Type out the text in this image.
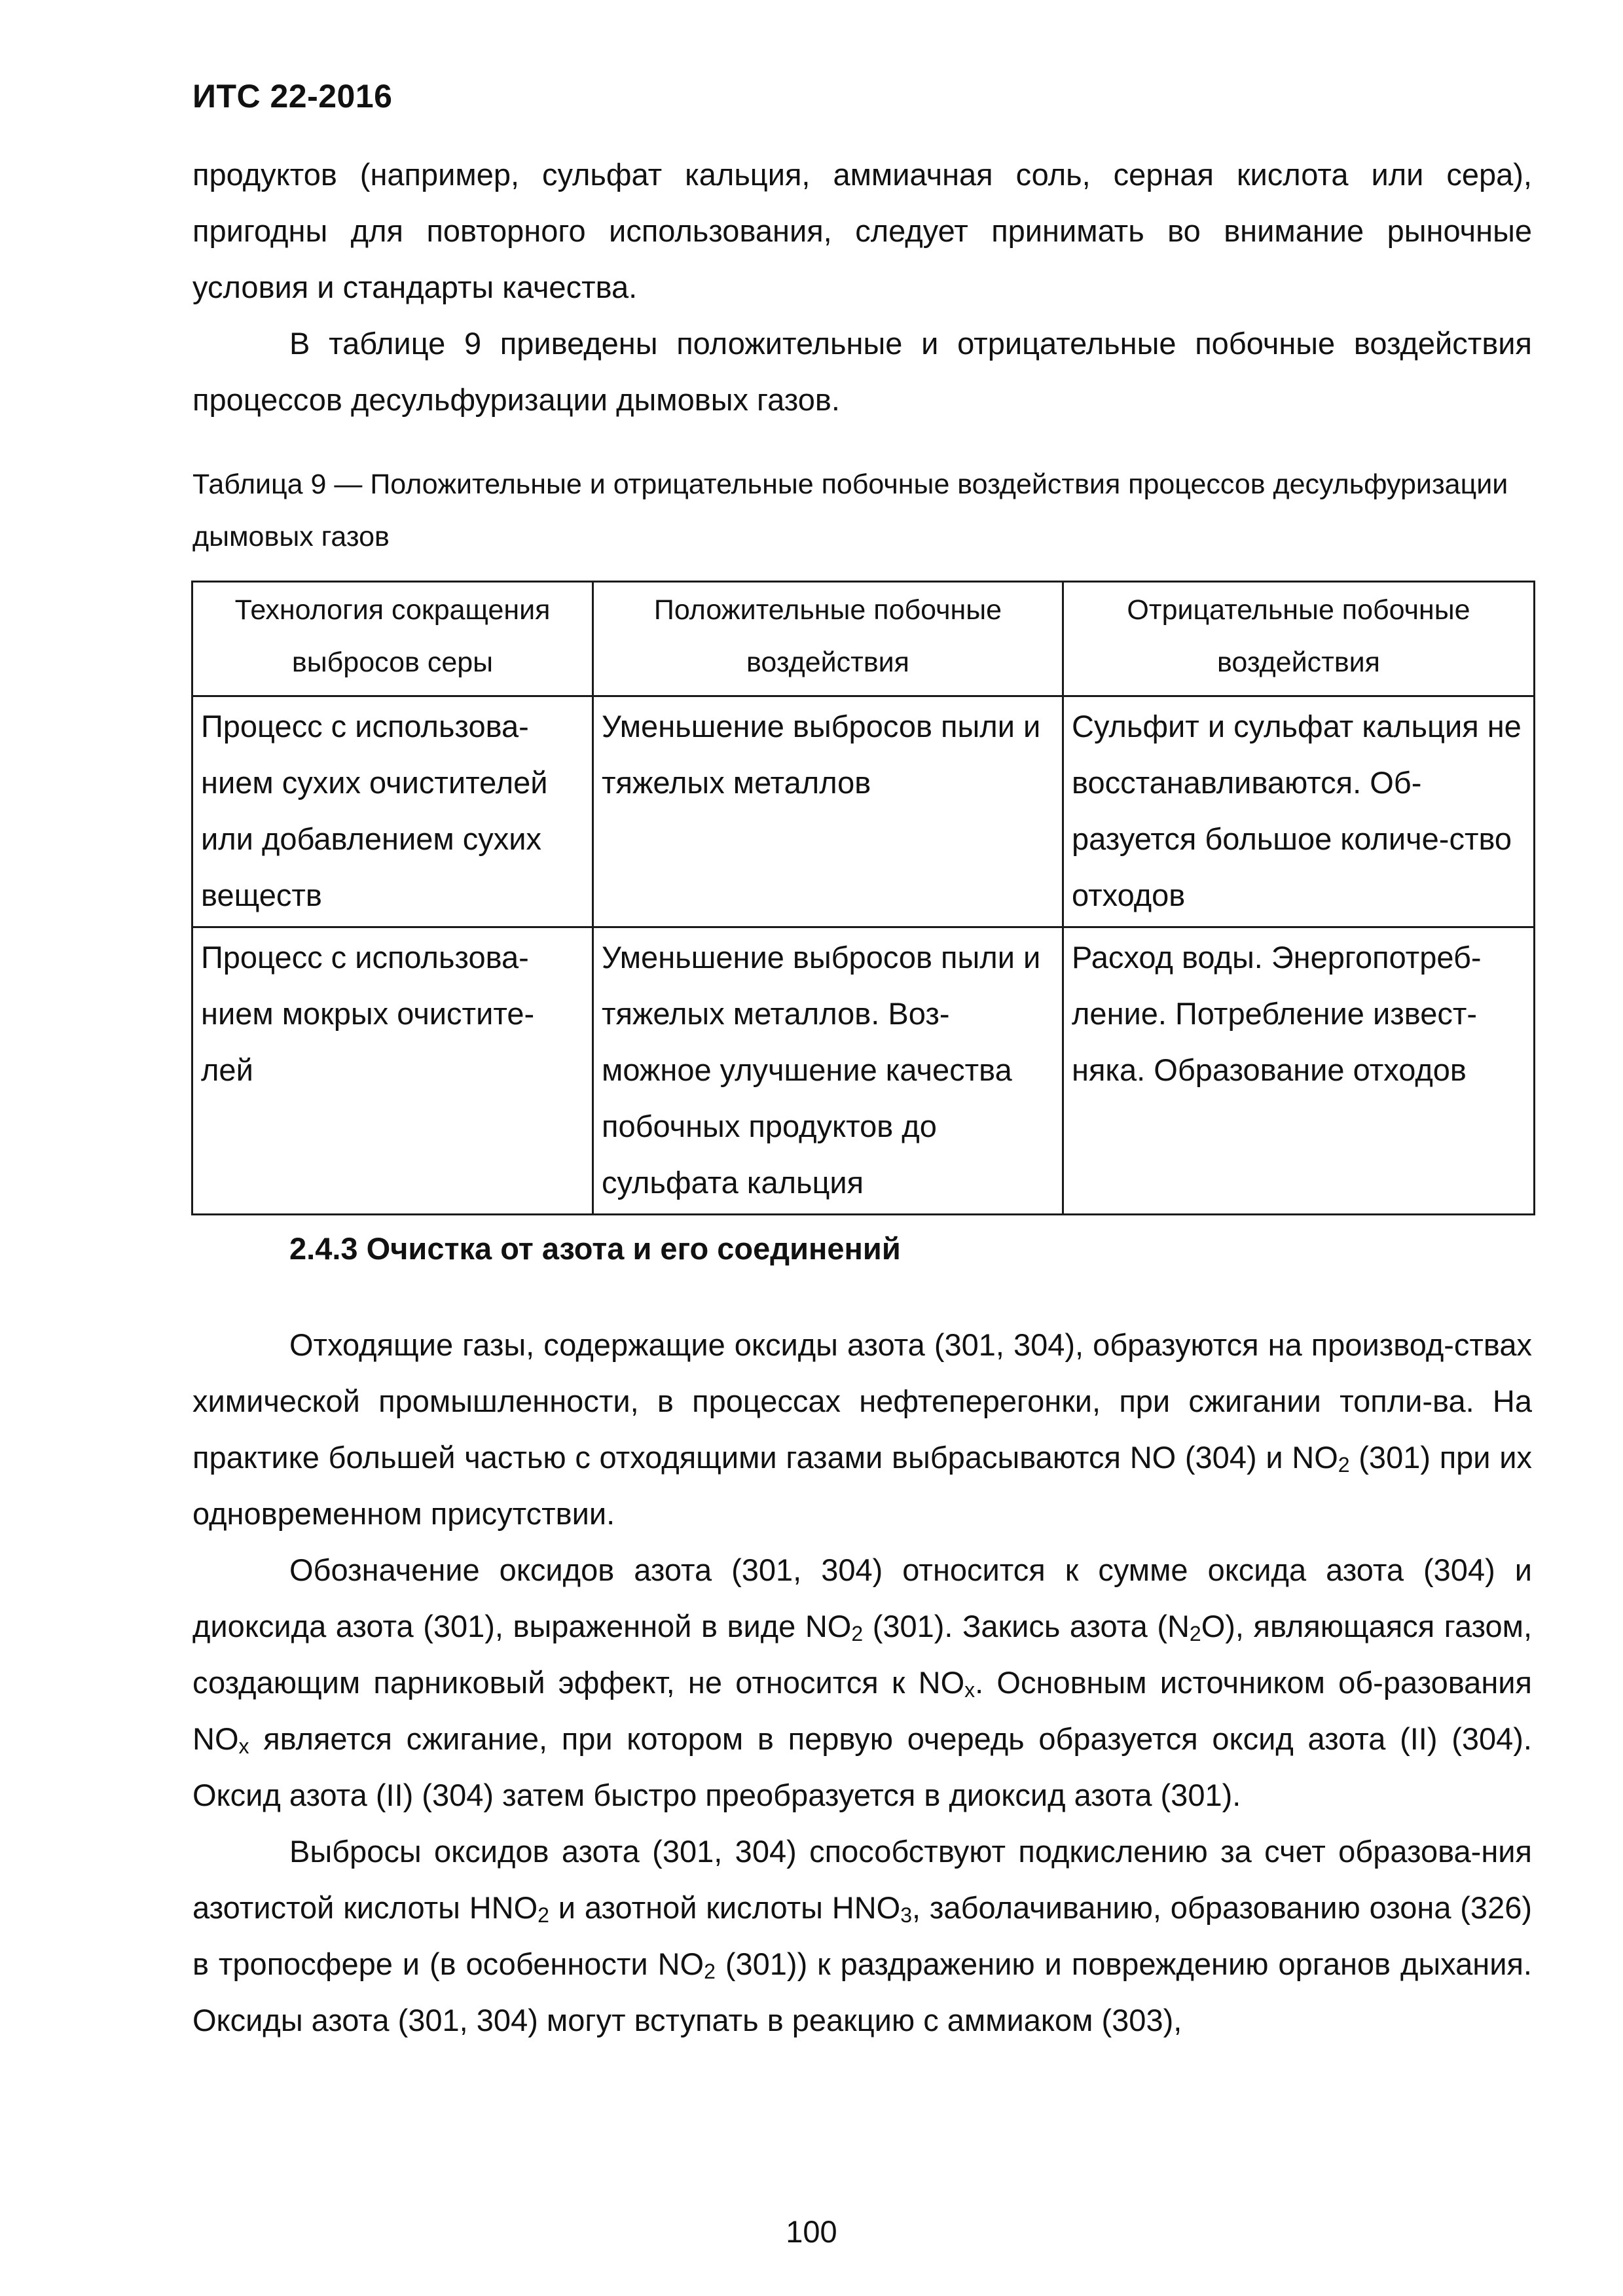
ИТС 22-2016

продуктов (например, сульфат кальция, аммиачная соль, серная кислота или сера), пригодны для повторного использования, следует принимать во внимание рыночные условия и стандарты качества.

В таблице 9 приведены положительные и отрицательные побочные воздействия процессов десульфуризации дымовых газов.

Таблица 9 — Положительные и отрицательные побочные воздействия процессов десульфуризации дымовых газов
Технология сокращения выбросов серы	Положительные побочные воздействия	Отрицательные побочные воздействия
Процесс с использова-нием сухих очистителей или добавлением сухих веществ	Уменьшение выбросов пыли и тяжелых металлов	Сульфит и сульфат кальция не восстанавливаются. Об-разуется большое количе-ство отходов
Процесс с использова-нием мокрых очистите-лей	Уменьшение выбросов пыли и тяжелых металлов. Воз-можное улучшение качества побочных продуктов до сульфата кальция	Расход воды. Энергопотреб-ление. Потребление извест-няка. Образование отходов
2.4.3 Очистка от азота и его соединений

Отходящие газы, содержащие оксиды азота (301, 304), образуются на производ-ствах химической промышленности, в процессах нефтеперегонки, при сжигании топли-ва. На практике большей частью с отходящими газами выбрасываются NO (304) и $NO_2$ (301) при их одновременном присутствии.

Обозначение оксидов азота (301, 304) относится к сумме оксида азота (304) и диоксида азота (301), выраженной в виде $NO_2$ (301). Закись азота $(N_2O)$, являющаяся газом, создающим парниковый эффект, не относится к $NO_x$. Основным источником об-разования $NO_x$ является сжигание, при котором в первую очередь образуется оксид азота (II) (304). Оксид азота (II) (304) затем быстро преобразуется в диоксид азота (301).

Выбросы оксидов азота (301, 304) способствуют подкислению за счет образова-ния азотистой кислоты $HNO_2$ и азотной кислоты $HNO_3$, заболачиванию, образованию озона (326) в тропосфере и (в особенности $NO_2$ (301)) к раздражению и повреждению органов дыхания. Оксиды азота (301, 304) могут вступать в реакцию с аммиаком (303),

100
